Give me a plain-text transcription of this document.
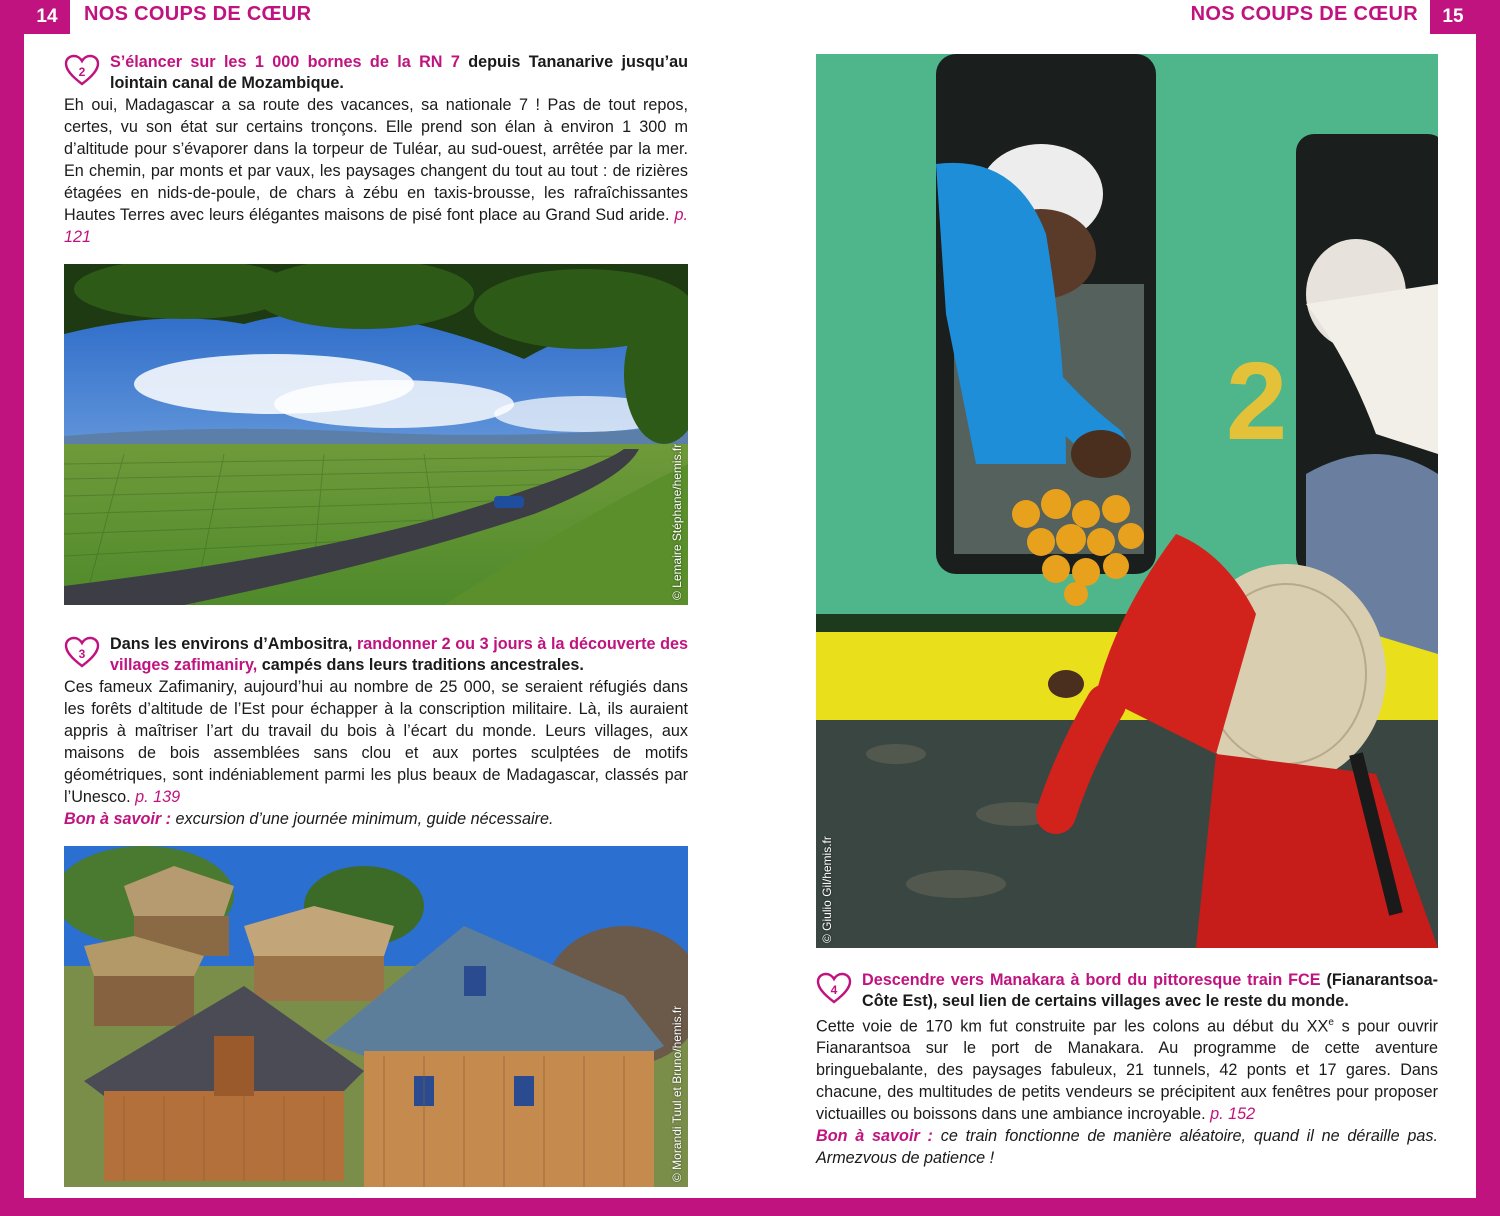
14	15
NOS COUPS DE CŒUR	NOS COUPS DE CŒUR
2
S’élancer sur les 1 000 bornes de la RN 7 depuis Tananarive jusqu’au lointain canal de Mozambique.

Eh oui, Madagascar a sa route des vacances, sa nationale 7 ! Pas de tout repos, certes, vu son état sur certains tronçons. Elle prend son élan à environ 1 300 m d’altitude pour s’évaporer dans la torpeur de Tuléar, au sud-ouest, arrêtée par la mer. En chemin, par monts et par vaux, les paysages changent du tout au tout : de rizières étagées en nids-de-poule, de chars à zébu en taxis-brousse, les rafraîchissantes Hautes Terres avec leurs élégantes maisons de pisé font place au Grand Sud aride. p. 121

© Lemaire Stéphane/hemis.fr
3
Dans les environs d’Ambositra, randonner 2 ou 3 jours à la découverte des villages zafimaniry, campés dans leurs traditions ancestrales.

Ces fameux Zafimaniry, aujourd’hui au nombre de 25 000, se seraient réfugiés dans les forêts d’altitude de l’Est pour échapper à la conscription militaire. Là, ils auraient appris à maîtriser l’art du travail du bois à l’écart du monde. Leurs villages, aux maisons de bois assemblées sans clou et aux portes sculptées de motifs géométriques, sont indéniablement parmi les plus beaux de Madagascar, classés par l’Unesco. p. 139

Bon à savoir : excursion d’une journée minimum, guide nécessaire.

© Morandi Tuul et Bruno/hemis.fr
2
© Giulio Gil/hemis.fr
4
Descendre vers Manakara à bord du pittoresque train FCE (Fianarantsoa-Côte Est), seul lien de certains villages avec le reste du monde.

Cette voie de 170 km fut construite par les colons au début du XXe s pour ouvrir Fianarantsoa sur le port de Manakara. Au programme de cette aventure bringuebalante, des paysages fabuleux, 21 tunnels, 42 ponts et 17 gares. Dans chacune, des multitudes de petits vendeurs se précipitent aux fenêtres pour proposer victuailles ou boissons dans une ambiance incroyable. p. 152

Bon à savoir : ce train fonctionne de manière aléatoire, quand il ne déraille pas. Armezvous de patience !
